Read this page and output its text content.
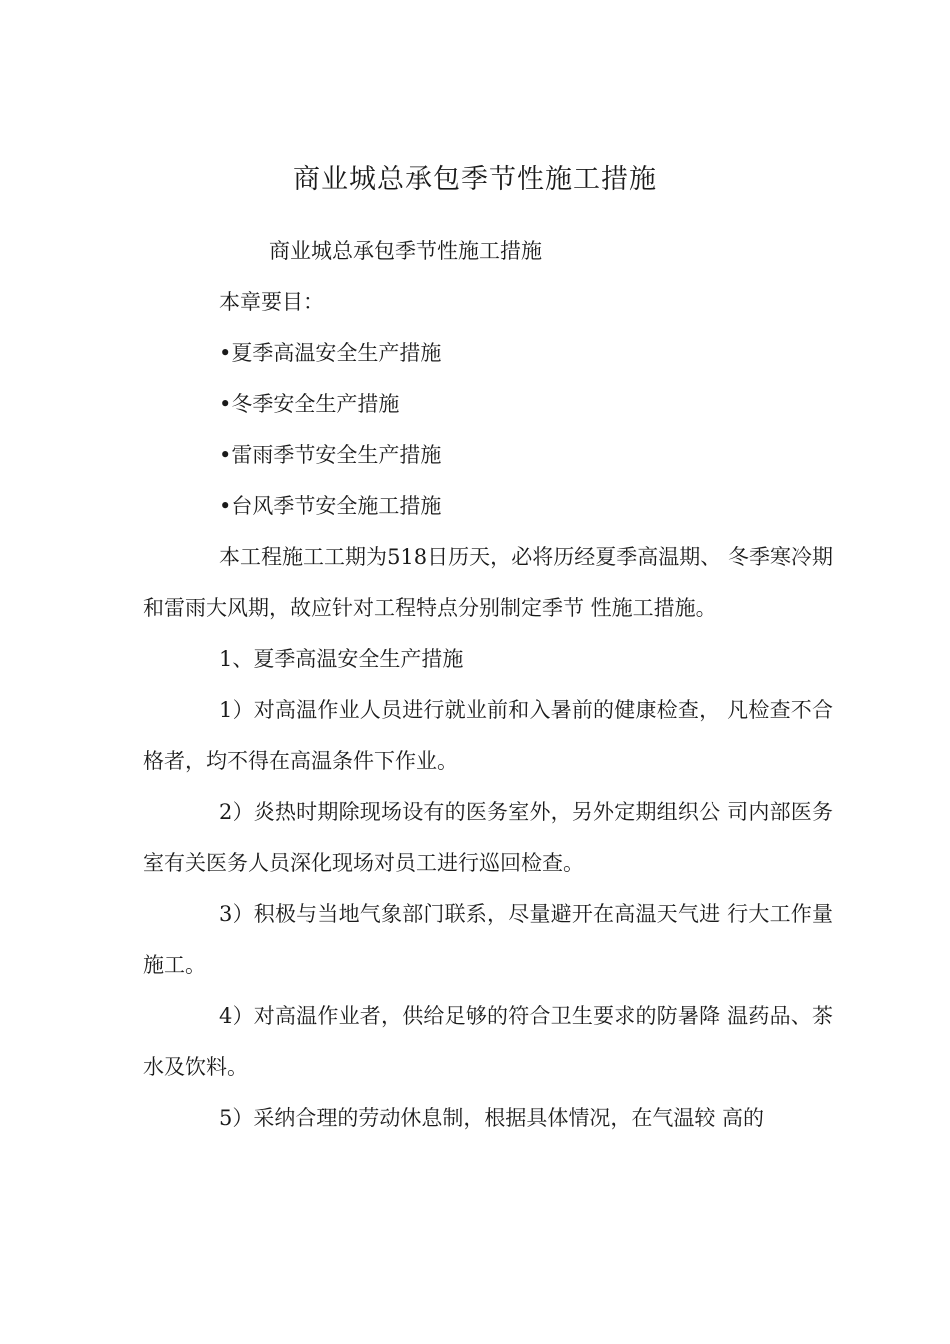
商业城总承包季节性施工措施

商业城总承包季节性施工措施

本章要目：

•夏季高温安全生产措施

•冬季安全生产措施

•雷雨季节安全生产措施

•台风季节安全施工措施

本工程施工工期为518日历天，必将历经夏季高温期、 冬季寒冷期和雷雨大风期，故应针对工程特点分别制定季节 性施工措施。

1、夏季高温安全生产措施

1）对高温作业人员进行就业前和入暑前的健康检查， 凡检查不合格者，均不得在高温条件下作业。

2）炎热时期除现场设有的医务室外，另外定期组织公 司内部医务室有关医务人员深化现场对员工进行巡回检查。

3）积极与当地气象部门联系，尽量避开在高温天气进 行大工作量施工。

4）对高温作业者，供给足够的符合卫生要求的防暑降 温药品、茶水及饮料。

5）采纳合理的劳动休息制，根据具体情况，在气温较 高的
